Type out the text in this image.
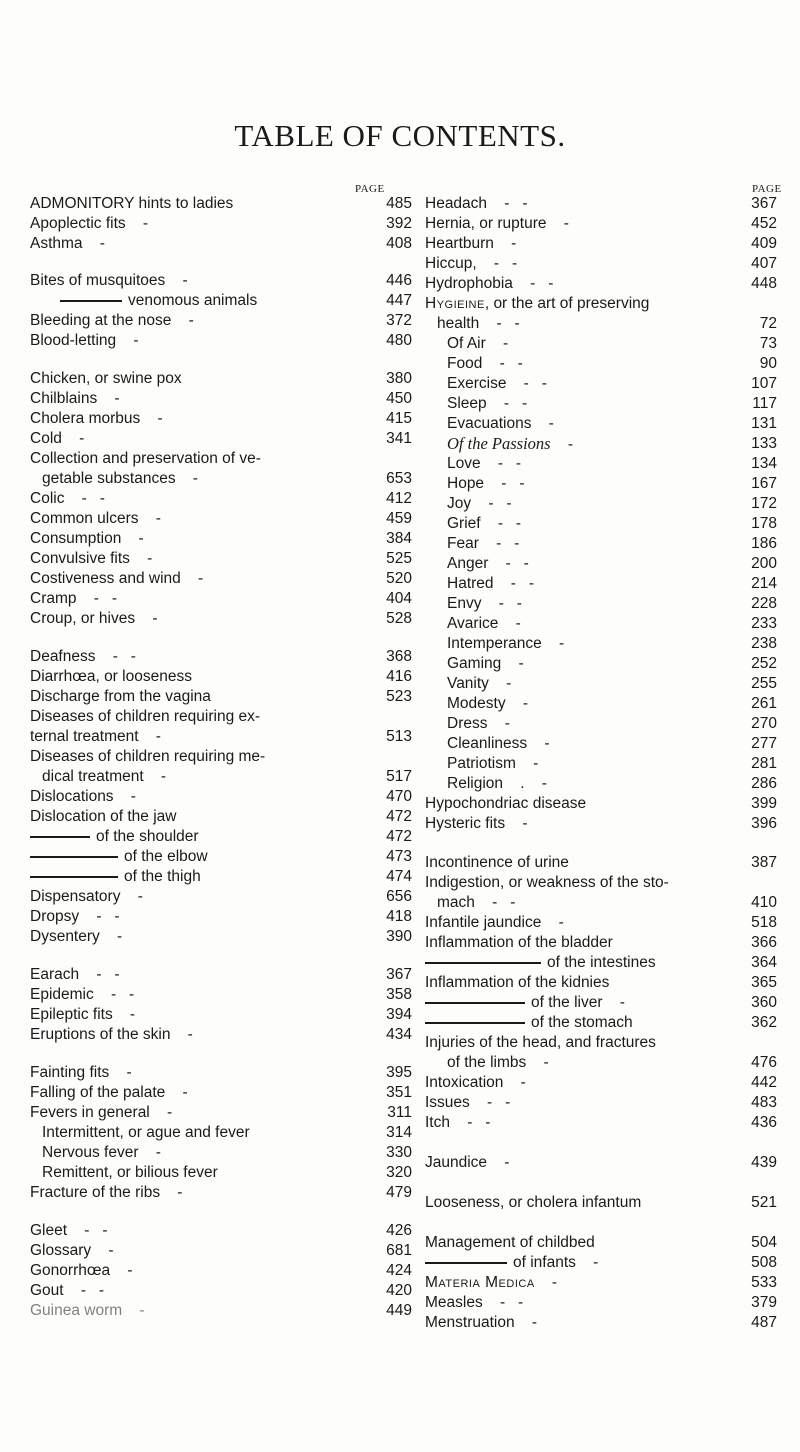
TABLE OF CONTENTS.
PAGE	PAGE
ADMONITORY hints to ladies	485
Apoplectic fits    -	392
Asthma    -	408
Bites of musquitoes    -	446
venomous animals	447
Bleeding at the nose    -	372
Blood-letting    -	480
Chicken, or swine pox	380
Chilblains    -	450
Cholera morbus    -	415
Cold    -	341
Collection and preservation of ve-
getable substances    -	653
Colic    -   -	412
Common ulcers    -	459
Consumption    -	384
Convulsive fits    -	525
Costiveness and wind    -	520
Cramp    -   -	404
Croup, or hives    -	528
Deafness    -   -	368
Diarrhœa, or looseness	416
Discharge from the vagina	523
Diseases of children requiring ex-
ternal treatment    -	513
Diseases of children requiring me-
dical treatment    -	517
Dislocations    -	470
Dislocation of the jaw	472
of the shoulder	472
of the elbow	473
of the thigh	474
Dispensatory    -	656
Dropsy    -   -	418
Dysentery    -	390
Earach    -   -	367
Epidemic    -   -	358
Epileptic fits    -	394
Eruptions of the skin    -	434
Fainting fits    -	395
Falling of the palate    -	351
Fevers in general    -	311
Intermittent, or ague and fever	314
Nervous fever    -	330
Remittent, or bilious fever	320
Fracture of the ribs    -	479
Gleet    -   -	426
Glossary    -	681
Gonorrhœa    -	424
Gout    -   -	420
Guinea worm    -	449
Headach    -   -	367
Hernia, or rupture    -	452
Heartburn    -	409
Hiccup,    -   -	407
Hydrophobia    -   -	448
Hygieine, or the art of preserving
health    -   -	72
Of Air    -	73
Food    -   -	90
Exercise    -   -	107
Sleep    -   -	117
Evacuations    -	131
Of the Passions    -	133
Love    -   -	134
Hope    -   -	167
Joy    -   -	172
Grief    -   -	178
Fear    -   -	186
Anger    -   -	200
Hatred    -   -	214
Envy    -   -	228
Avarice    -	233
Intemperance    -	238
Gaming    -	252
Vanity    -	255
Modesty    -	261
Dress    -	270
Cleanliness    -	277
Patriotism    -	281
Religion    .    -	286
Hypochondriac disease	399
Hysteric fits    -	396
Incontinence of urine	387
Indigestion, or weakness of the sto-
mach    -   -	410
Infantile jaundice    -	518
Inflammation of the bladder	366
of the intestines	364
Inflammation of the kidnies	365
of the liver    -	360
of the stomach	362
Injuries of the head, and fractures
of the limbs    -	476
Intoxication    -	442
Issues    -   -	483
Itch    -   -	436
Jaundice    -	439
Looseness, or cholera infantum	521
Management of childbed	504
of infants    -	508
Materia Medica    -	533
Measles    -   -	379
Menstruation    -	487
